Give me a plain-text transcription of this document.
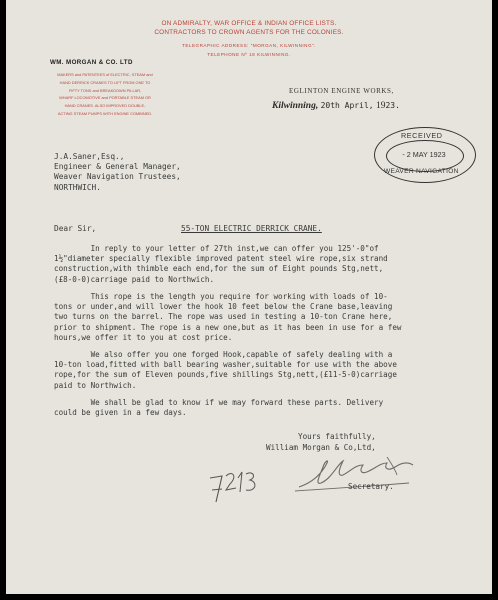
ON ADMIRALTY, WAR OFFICE & INDIAN OFFICE LISTS.
CONTRACTORS TO CROWN AGENTS FOR THE COLONIES.
TELEGRAPHIC ADDRESS: "MORGAN, KILWINNING".
TELEPHONE Nº 18 KILWINNING.
WM. MORGAN & CO. LTD
MAKERS and PATENTEES of ELECTRIC, STEAM and
HAND DERRICK CRANES TO LIFT FROM ONE TO
FIFTY TONS and BREAKDOWN PILLAR,
WHARF LOCOMOTIVE and PORTABLE STEAM OR
HAND CRANES. ALSO IMPROVED DOUBLE-
ACTING STEAM PUMPS WITH ENGINE COMBINED.
EGLINTON ENGINE WORKS,
Kilwinning, 20th April, 1923.
RECEIVED
- 2 MAY 1923
WEAVER NAVIGATION
J.A.Saner,Esq.,
Engineer & General Manager,
Weaver Navigation Trustees,
NORTHWICH.
Dear Sir,	55-TON ELECTRIC DERRICK CRANE.
In reply to your letter of 27th inst,we can offer you 125'-0"of
1½"diameter specially flexible improved patent steel wire rope,six strand
construction,with thimble each end,for the sum of Eight pounds Stg,nett,
(£8-0-0)carriage paid to Northwich.
This rope is the length you require for working with loads of 10-
tons or under,and will lower the hook 10 feet below the Crane base,leaving
two turns on the barrel. The rope was used in testing a 10-ton Crane here,
prior to shipment. The rope is a new one,but as it has been in use for a few
hours,we offer it to you at cost price.
We also offer you one forged Hook,capable of safely dealing with a
10-ton load,fitted with ball bearing washer,suitable for use with the above
rope,for the sum of Eleven pounds,five shillings Stg,nett,(£11-5-0)carriage
paid to Northwich.
We shall be glad to know if we may forward these parts. Delivery
could be given in a few days.
Yours faithfully,
William Morgan & Co,Ltd,
Secretary.
